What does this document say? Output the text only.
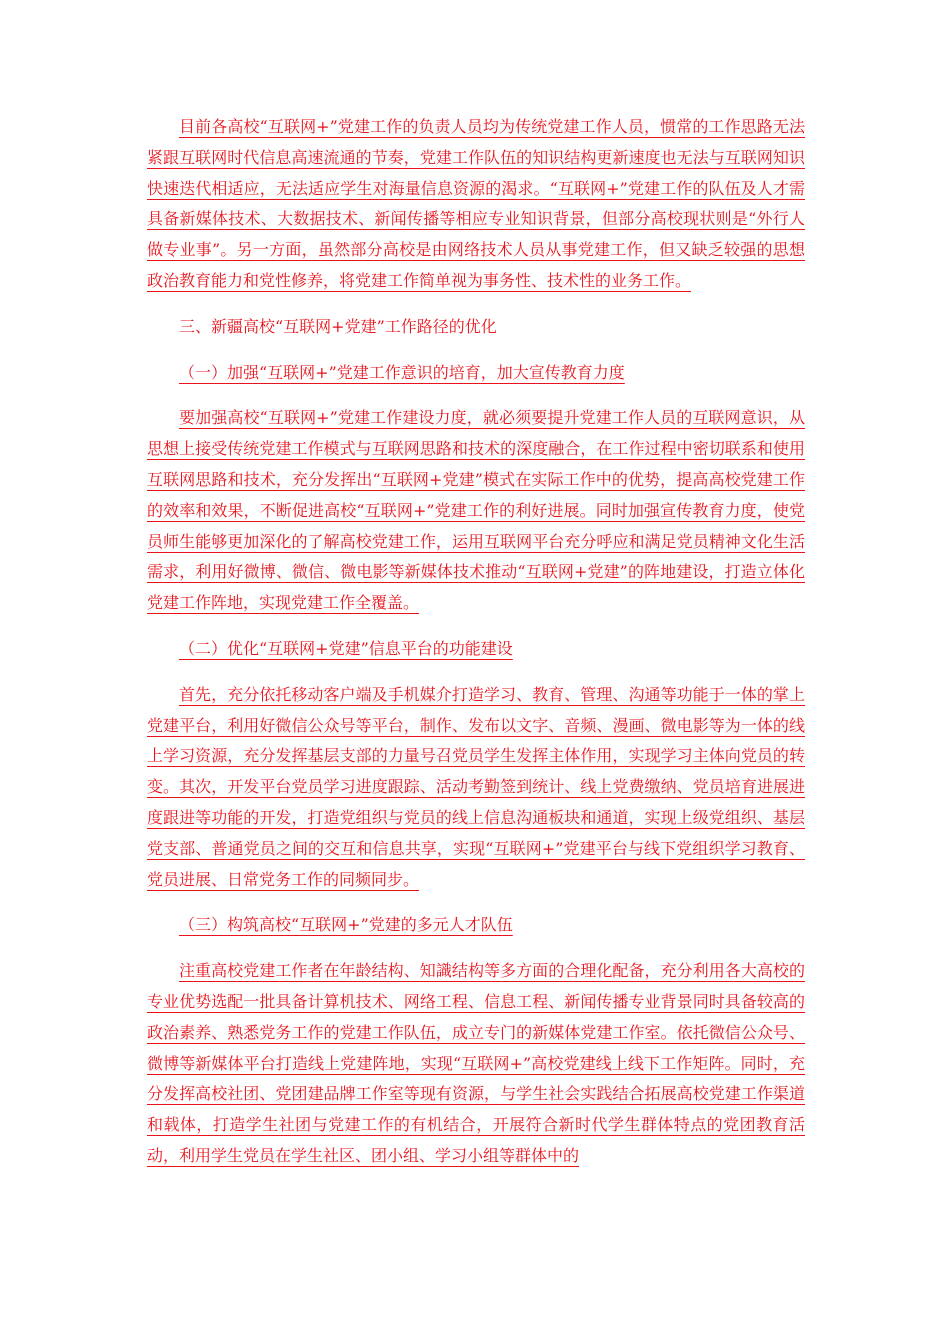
目前各高校“互联网+”党建工作的负责人员均为传统党建工作人员，惯常的工作思路无法紧跟互联网时代信息高速流通的节奏，党建工作队伍的知识结构更新速度也无法与互联网知识快速迭代相适应，无法适应学生对海量信息资源的渴求。“互联网+”党建工作的队伍及人才需具备新媒体技术、大数据技术、新闻传播等相应专业知识背景，但部分高校现状则是“外行人做专业事”。另一方面，虽然部分高校是由网络技术人员从事党建工作，但又缺乏较强的思想政治教育能力和党性修养，将党建工作简单视为事务性、技术性的业务工作。

三、新疆高校“互联网+党建”工作路径的优化

（一）加强“互联网+”党建工作意识的培育，加大宣传教育力度

要加强高校“互联网+”党建工作建设力度，就必须要提升党建工作人员的互联网意识，从思想上接受传统党建工作模式与互联网思路和技术的深度融合，在工作过程中密切联系和使用互联网思路和技术，充分发挥出“互联网+党建”模式在实际工作中的优势，提高高校党建工作的效率和效果，不断促进高校“互联网+”党建工作的利好进展。同时加强宣传教育力度，使党员师生能够更加深化的了解高校党建工作，运用互联网平台充分呼应和满足党员精神文化生活需求，利用好微博、微信、微电影等新媒体技术推动“互联网+党建”的阵地建设，打造立体化党建工作阵地，实现党建工作全覆盖。

（二）优化“互联网+党建”信息平台的功能建设

首先，充分依托移动客户端及手机媒介打造学习、教育、管理、沟通等功能于一体的掌上党建平台，利用好微信公众号等平台，制作、发布以文字、音频、漫画、微电影等为一体的线上学习资源，充分发挥基层支部的力量号召党员学生发挥主体作用，实现学习主体向党员的转变。其次，开发平台党员学习进度跟踪、活动考勤签到统计、线上党费缴纳、党员培育进展进度跟进等功能的开发，打造党组织与党员的线上信息沟通板块和通道，实现上级党组织、基层党支部、普通党员之间的交互和信息共享，实现“互联网+”党建平台与线下党组织学习教育、党员进展、日常党务工作的同频同步。

（三）构筑高校“互联网+”党建的多元人才队伍

注重高校党建工作者在年龄结构、知識结构等多方面的合理化配备，充分利用各大高校的专业优势选配一批具备计算机技术、网络工程、信息工程、新闻传播专业背景同时具备较高的政治素养、熟悉党务工作的党建工作队伍，成立专门的新媒体党建工作室。依托微信公众号、微博等新媒体平台打造线上党建阵地，实现“互联网+”高校党建线上线下工作矩阵。同时，充分发挥高校社团、党团建品牌工作室等现有资源，与学生社会实践结合拓展高校党建工作渠道和载体，打造学生社团与党建工作的有机结合，开展符合新时代学生群体特点的党团教育活动，利用学生党员在学生社区、团小组、学习小组等群体中的
